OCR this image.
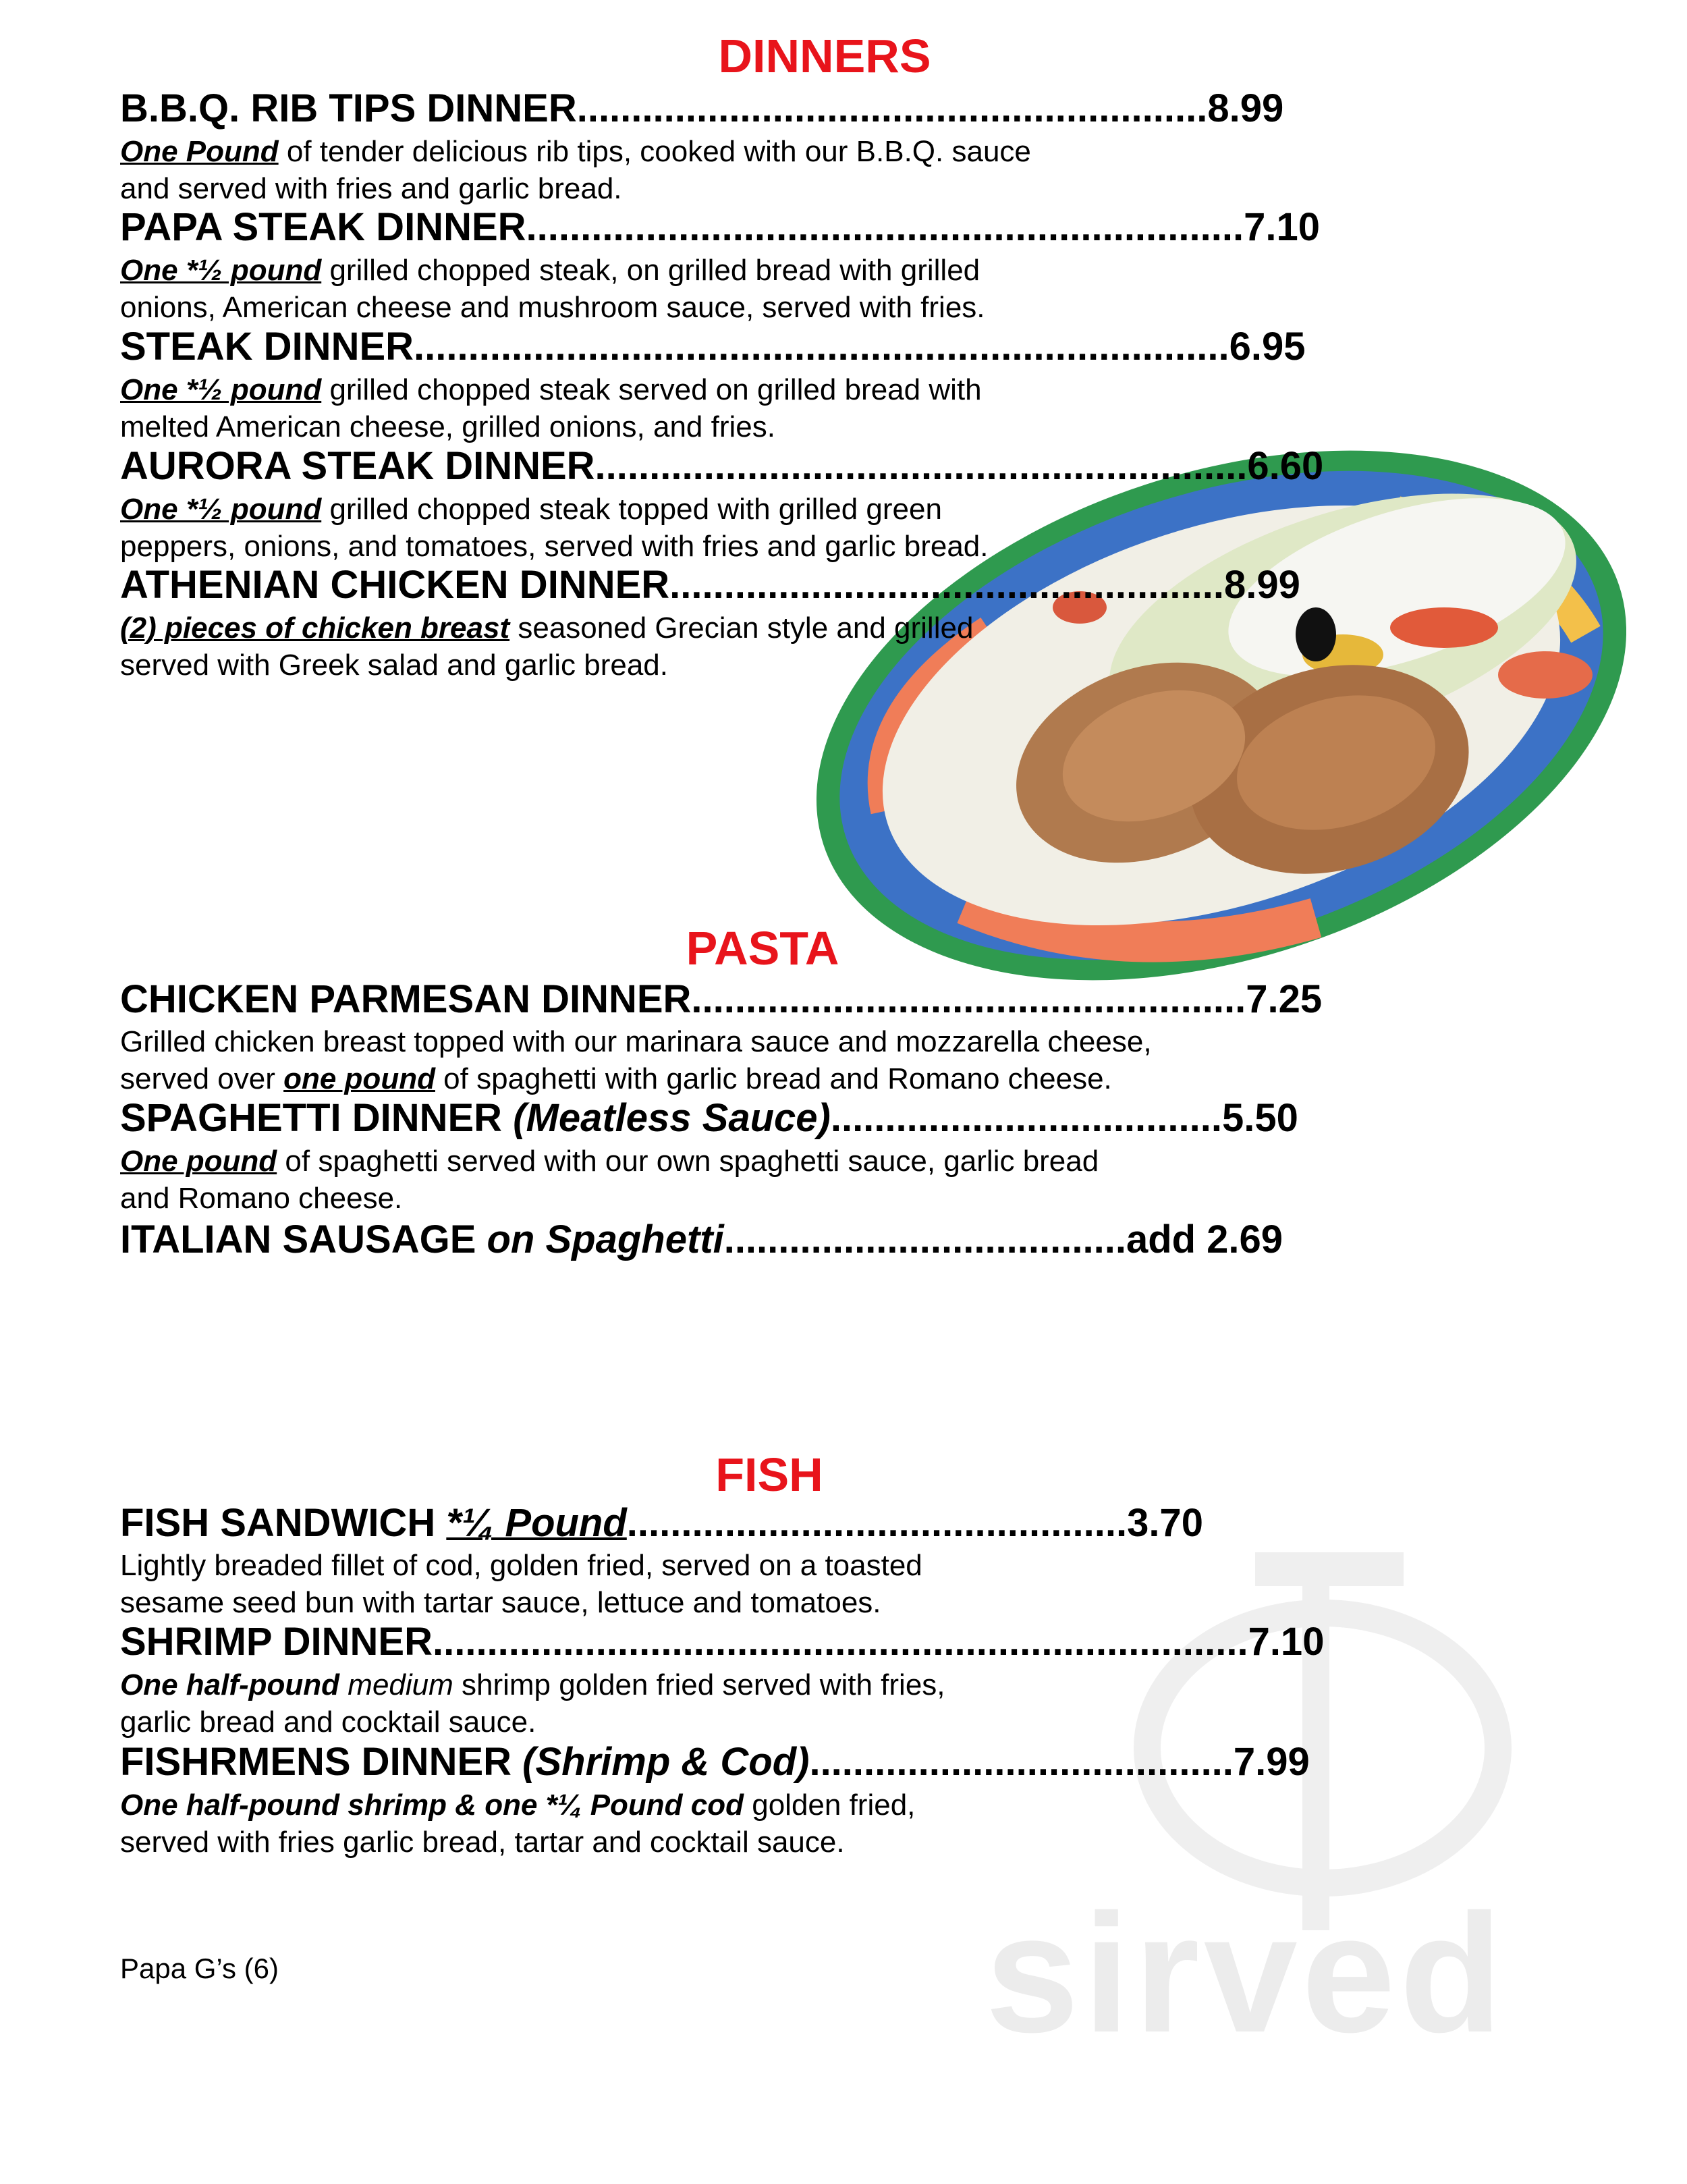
sirved
DINNERS
B.B.Q. RIB TIPS DINNER..........................................................8.99
One Pound of tender delicious rib tips, cooked with our B.B.Q. sauce
and served with fries and garlic bread.
PAPA STEAK DINNER..................................................................7.10
One *½ pound grilled chopped steak, on grilled bread with grilled
onions, American cheese and mushroom sauce, served with fries.
STEAK DINNER...........................................................................6.95
One *½ pound grilled chopped steak served on grilled bread with
melted American cheese, grilled onions, and fries.
AURORA STEAK DINNER............................................................6.60
One *½ pound grilled chopped steak topped with grilled green
peppers, onions, and tomatoes, served with fries and garlic bread.
ATHENIAN CHICKEN DINNER...................................................8.99
(2) pieces of chicken breast seasoned Grecian style and grilled
served with Greek salad and garlic bread.
PASTA
CHICKEN PARMESAN DINNER...................................................7.25
Grilled chicken breast topped with our marinara sauce and mozzarella cheese,
served over one pound of spaghetti with garlic bread and Romano cheese.
SPAGHETTI DINNER (Meatless Sauce)....................................5.50
One pound of spaghetti served with our own spaghetti sauce, garlic bread
and Romano cheese.
ITALIAN SAUSAGE on Spaghetti.....................................add 2.69
FISH
FISH SANDWICH *¼ Pound..............................................3.70
Lightly breaded fillet of cod, golden fried, served on a toasted
sesame seed bun with tartar sauce, lettuce and tomatoes.
SHRIMP DINNER...........................................................................7.10
One half-pound medium shrimp golden fried served with fries,
garlic bread and cocktail sauce.
FISHRMENS DINNER (Shrimp & Cod).......................................7.99
One half-pound shrimp & one *¼ Pound cod golden fried,
served with fries garlic bread, tartar and cocktail sauce.
Papa G’s (6)
